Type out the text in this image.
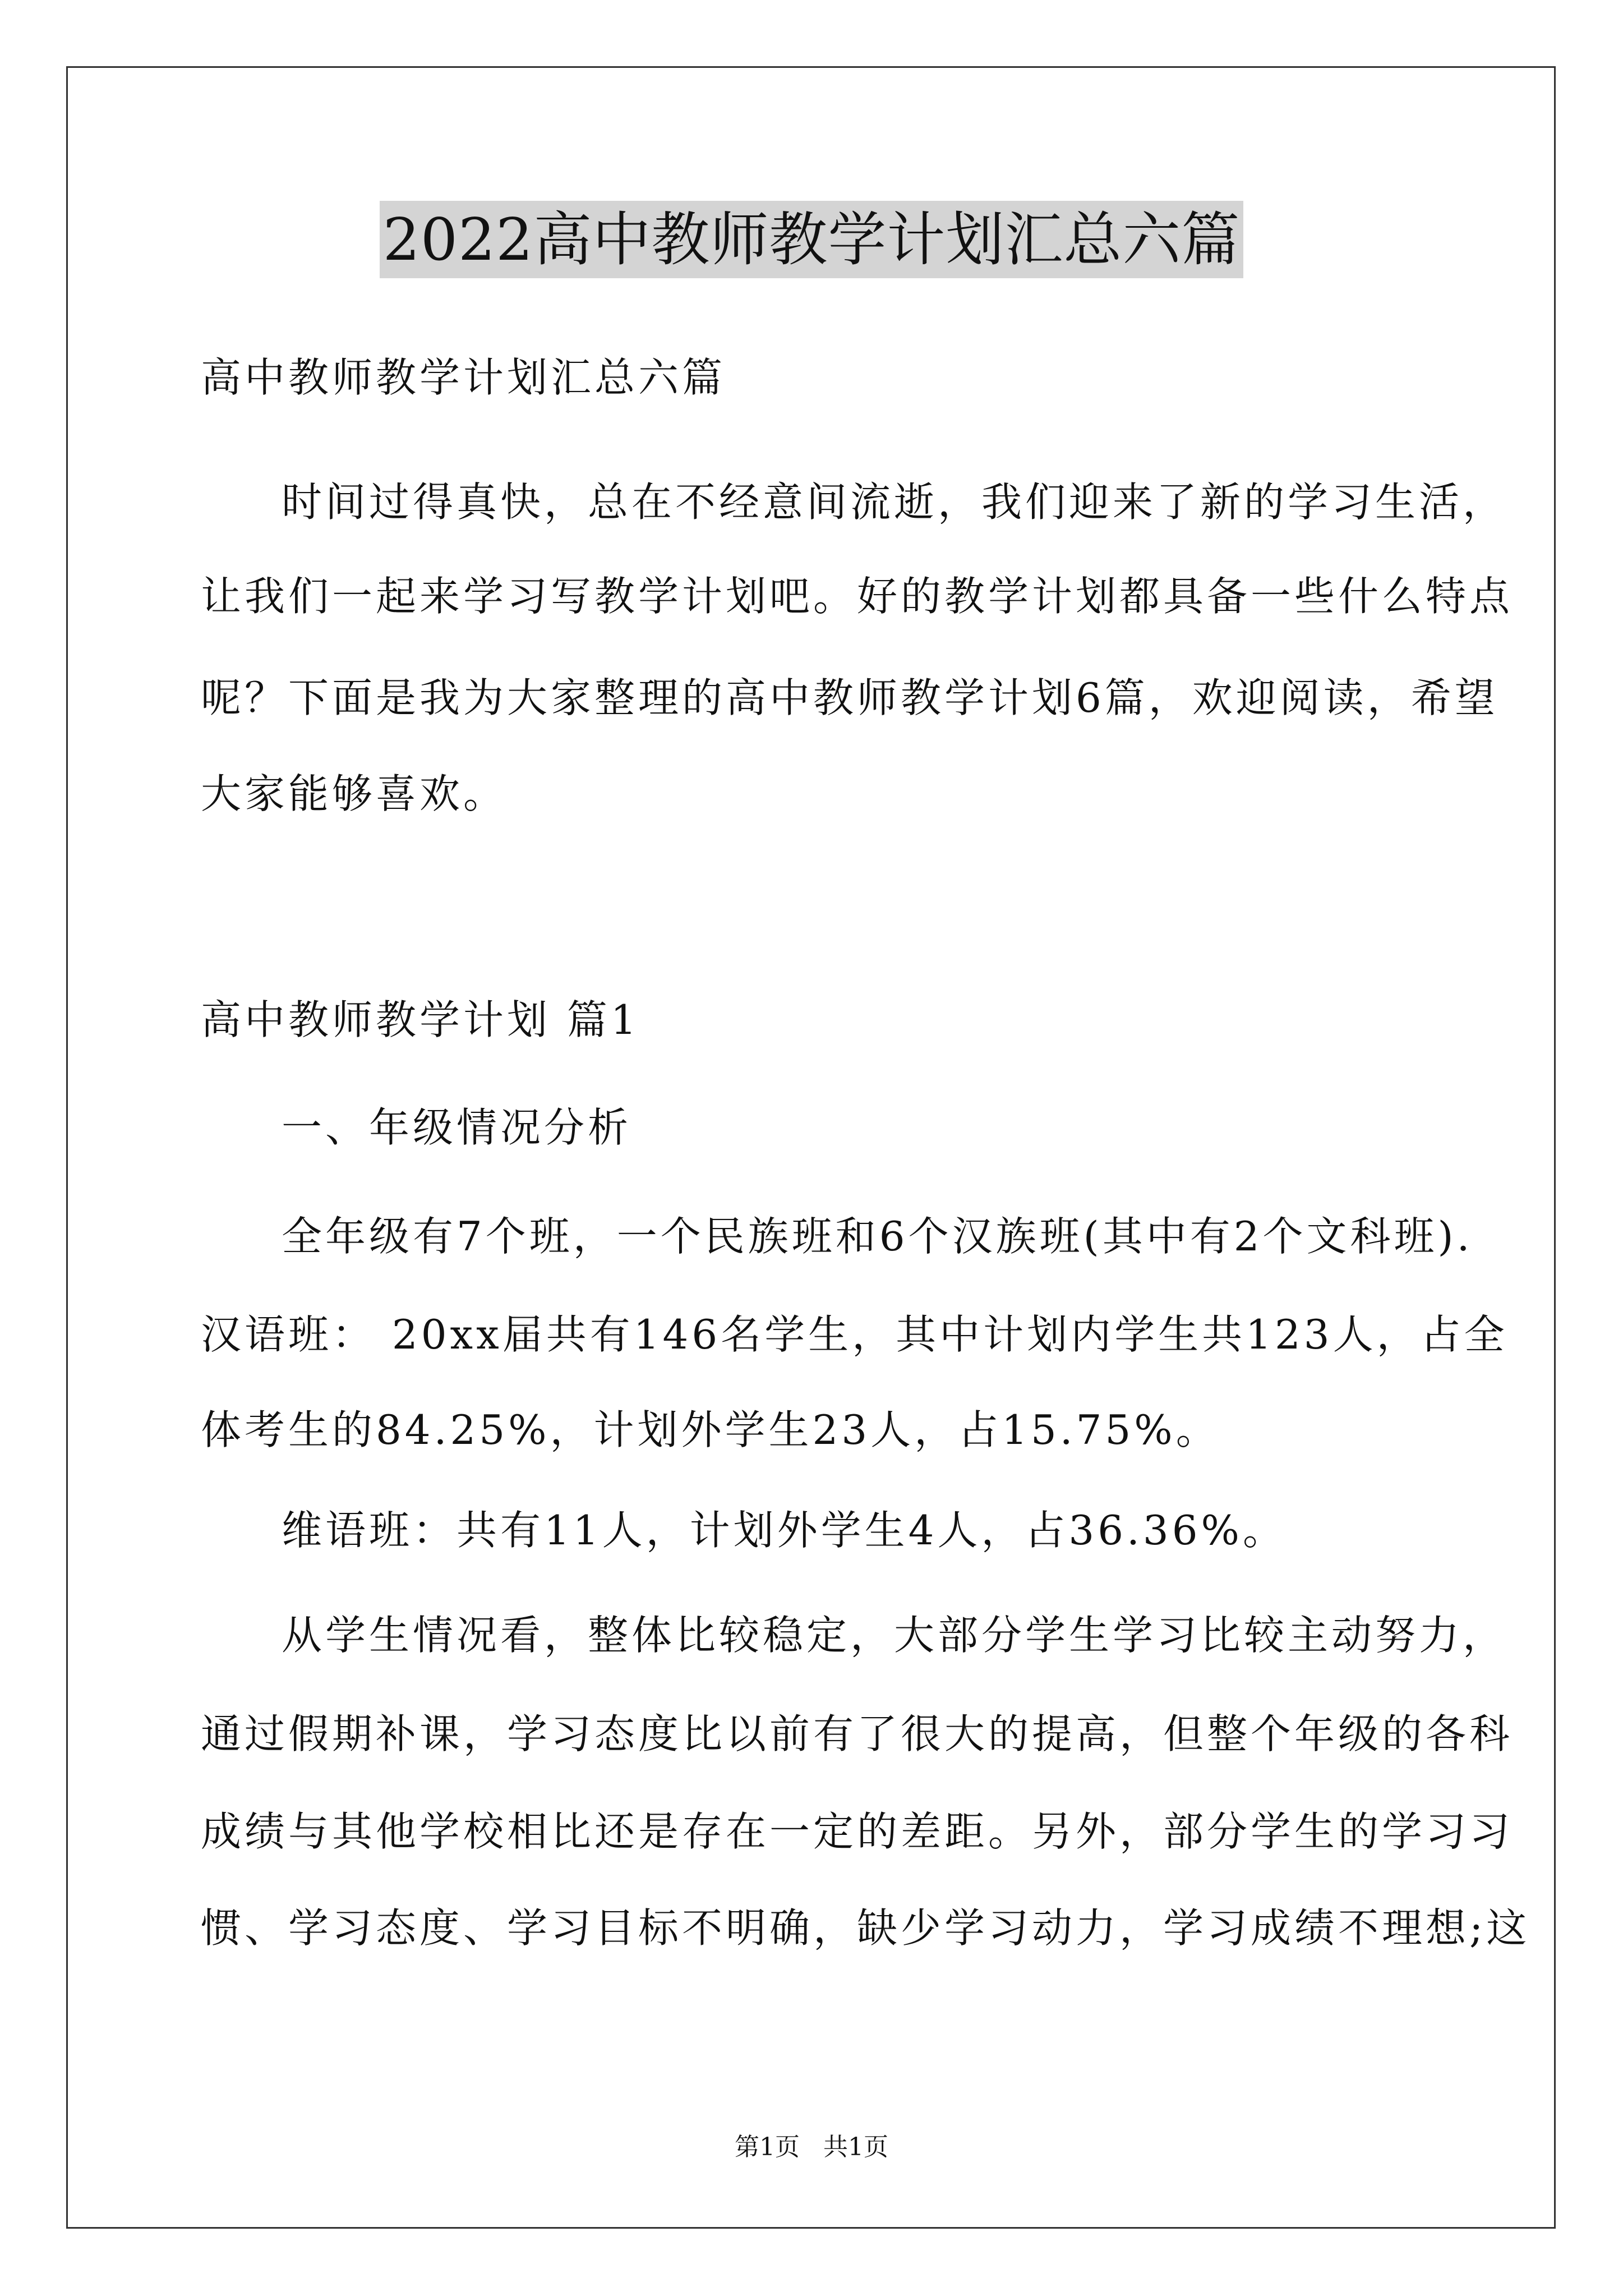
2022高中教师教学计划汇总六篇
高中教师教学计划汇总六篇
时间过得真快，总在不经意间流逝，我们迎来了新的学习生活，
让我们一起来学习写教学计划吧。好的教学计划都具备一些什么特点
呢？下面是我为大家整理的高中教师教学计划6篇，欢迎阅读，希望
大家能够喜欢。
高中教师教学计划 篇1
一、年级情况分析
全年级有7个班，一个民族班和6个汉族班(其中有2个文科班).
汉语班： 20xx届共有146名学生，其中计划内学生共123人，占全
体考生的84.25%，计划外学生23人，占15.75%。
维语班：共有11人，计划外学生4人，占36.36%。
从学生情况看，整体比较稳定，大部分学生学习比较主动努力，
通过假期补课，学习态度比以前有了很大的提高，但整个年级的各科
成绩与其他学校相比还是存在一定的差距。另外，部分学生的学习习
惯、学习态度、学习目标不明确，缺少学习动力，学习成绩不理想;这
第1页   共1页
